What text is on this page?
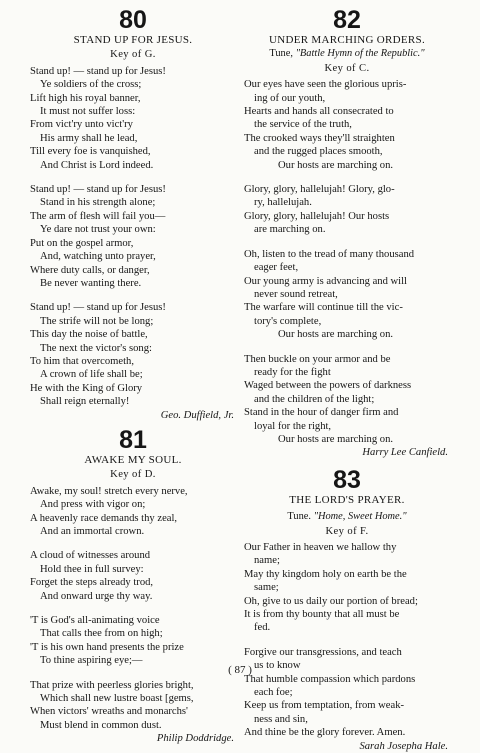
80
STAND UP FOR JESUS.
Key of G.
Stand up! — stand up for Jesus!
Ye soldiers of the cross;
Lift high his royal banner,
It must not suffer loss:
From vict'ry unto vict'ry
His army shall he lead,
Till every foe is vanquished,
And Christ is Lord indeed.
Stand up! — stand up for Jesus!
Stand in his strength alone;
The arm of flesh will fail you—
Ye dare not trust your own:
Put on the gospel armor,
And, watching unto prayer,
Where duty calls, or danger,
Be never wanting there.
Stand up! — stand up for Jesus!
The strife will not be long;
This day the noise of battle,
The next the victor's song:
To him that overcometh,
A crown of life shall be;
He with the King of Glory
Shall reign eternally!
Geo. Duffield, Jr.
81
AWAKE MY SOUL.
Key of D.
Awake, my soul! stretch every nerve,
And press with vigor on;
A heavenly race demands thy zeal,
And an immortal crown.
A cloud of witnesses around
Hold thee in full survey:
Forget the steps already trod,
And onward urge thy way.
'T is God's all-animating voice
That calls thee from on high;
'T is his own hand presents the prize
To thine aspiring eye;—
That prize with peerless glories bright,
Which shall new lustre boast [gems,
When victors' wreaths and monarchs'
Must blend in common dust.
Philip Doddridge.
82
UNDER MARCHING ORDERS.
Tune, "Battle Hymn of the Republic."
Key of C.
Our eyes have seen the glorious upris-
ing of our youth,
Hearts and hands all consecrated to
the service of the truth,
The crooked ways they'll straighten
and the rugged places smooth,
Our hosts are marching on.
Glory, glory, hallelujah! Glory, glo-
ry, hallelujah.
Glory, glory, hallelujah! Our hosts
are marching on.
Oh, listen to the tread of many thousand
eager feet,
Our young army is advancing and will
never sound retreat,
The warfare will continue till the vic-
tory's complete,
Our hosts are marching on.
Then buckle on your armor and be
ready for the fight
Waged between the powers of darkness
and the children of the light;
Stand in the hour of danger firm and
loyal for the right,
Our hosts are marching on.
Harry Lee Canfield.
83
THE LORD'S PRAYER.
Tune. "Home, Sweet Home."
Key of F.
Our Father in heaven we hallow thy
name;
May thy kingdom holy on earth be the
same;
Oh, give to us daily our portion of bread;
It is from thy bounty that all must be
fed.
Forgive our transgressions, and teach
us to know
That humble compassion which pardons
each foe;
Keep us from temptation, from weak-
ness and sin,
And thine be the glory forever. Amen.
Sarah Josepha Hale.
( 87 )
